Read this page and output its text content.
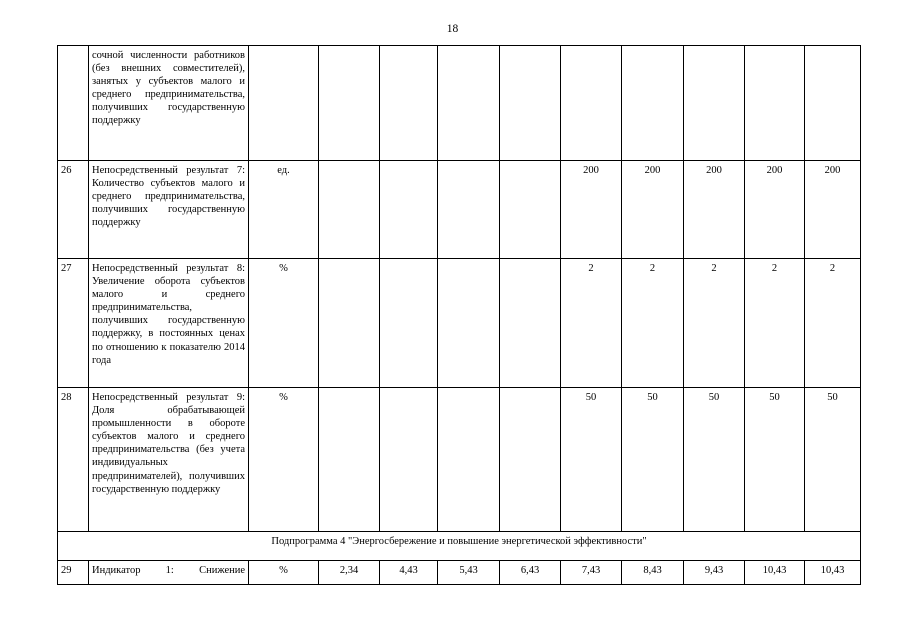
18
	сочной численности работников (без внешних совместителей), занятых у субъектов малого и среднего предпринимательства, получивших государственную поддержку										
26	Непосредственный результат 7: Количество субъектов малого и среднего предпринимательства, получивших государственную поддержку	ед.					200	200	200	200	200
27	Непосредственный результат 8: Увеличение оборота субъектов малого и среднего предпринимательства, получивших государственную поддержку, в постоянных ценах по отношению к показателю 2014 года	%					2	2	2	2	2
28	Непосредственный результат 9: Доля обрабатывающей промышленности в обороте субъектов малого и среднего предпринимательства (без учета индивидуальных предпринимателей), получивших государственную поддержку	%					50	50	50	50	50
Подпрограмма 4 "Энергосбережение и повышение энергетической эффективности"											
29	Индикатор 1: Снижение	%	2,34	4,43	5,43	6,43	7,43	8,43	9,43	10,43	10,43
